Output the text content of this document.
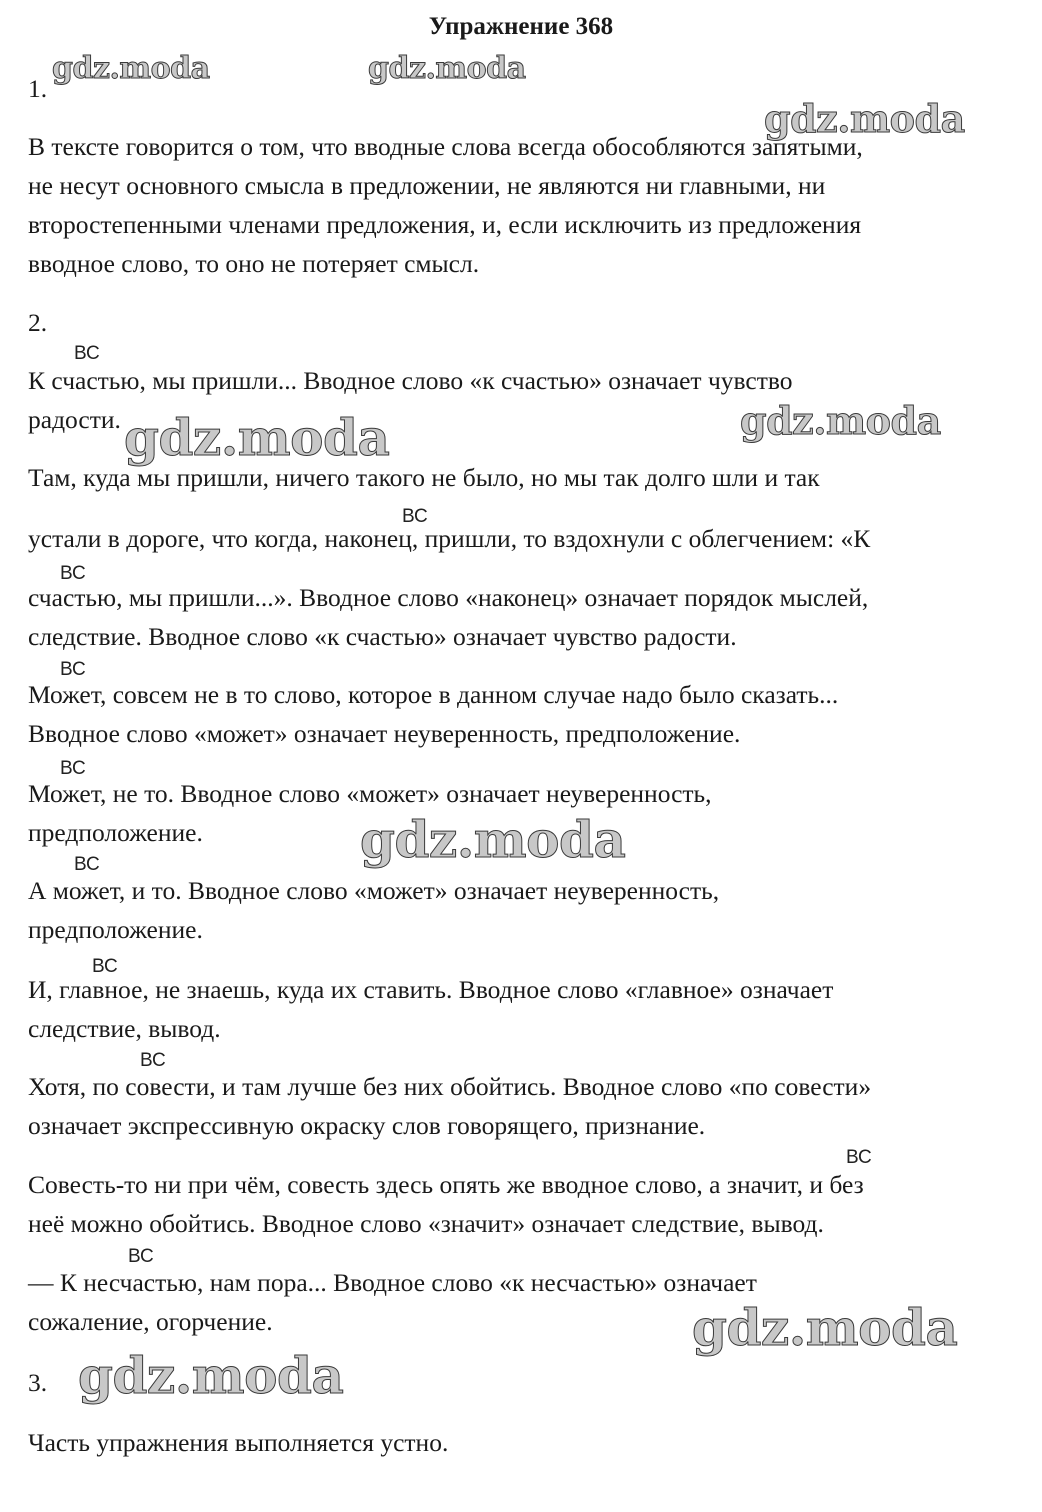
Упражнение 368
gdz.moda	gdz.moda
gdz.moda
gdz.moda	gdz.moda
gdz.moda
gdz.moda
gdz.moda
1.
В тексте говорится о том, что вводные слова всегда обособляются запятыми,
не несут основного смысла в предложении, не являются ни главными, ни
второстепенными членами предложения, и, если исключить из предложения
вводное слово, то оно не потеряет смысл.
2.
ВС
К счастью, мы пришли... Вводное слово «к счастью» означает чувство
радости.
Там, куда мы пришли, ничего такого не было, но мы так долго шли и так
ВС
устали в дороге, что когда, наконец, пришли, то вздохнули с облегчением: «К
ВС
счастью, мы пришли...». Вводное слово «наконец» означает порядок мыслей,
следствие. Вводное слово «к счастью» означает чувство радости.
ВС
Может, совсем не в то слово, которое в данном случае надо было сказать...
Вводное слово «может» означает неуверенность, предположение.
ВС
Может, не то. Вводное слово «может» означает неуверенность,
предположение.
ВС
А может, и то. Вводное слово «может» означает неуверенность,
предположение.
ВС
И, главное, не знаешь, куда их ставить. Вводное слово «главное» означает
следствие, вывод.
ВС
Хотя, по совести, и там лучше без них обойтись. Вводное слово «по совести»
означает экспрессивную окраску слов говорящего, признание.
ВС
Совесть-то ни при чём, совесть здесь опять же вводное слово, а значит, и без
неё можно обойтись. Вводное слово «значит» означает следствие, вывод.
ВС
— К несчастью, нам пора... Вводное слово «к несчастью» означает
сожаление, огорчение.
3.
Часть упражнения выполняется устно.
